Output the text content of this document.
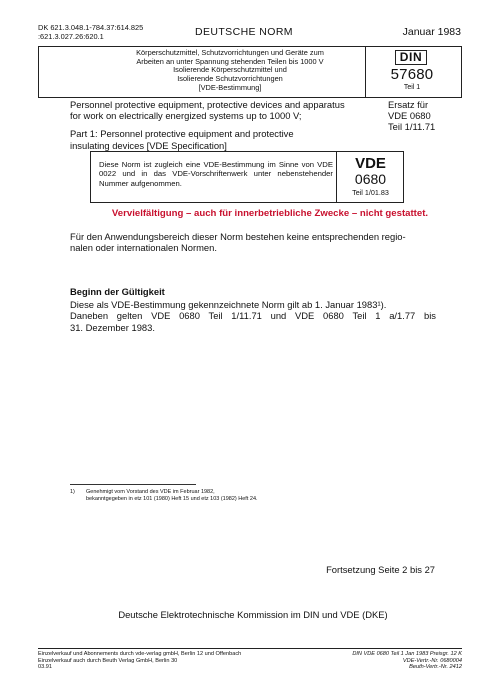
DK 621.3.048.1-784.37:614.825
:621.3.027.26:620.1	DEUTSCHE NORM	Januar 1983
Körperschutzmittel, Schutzvorrichtungen und Geräte zum
Arbeiten an unter Spannung stehenden Teilen bis 1000 V
Isolierende Körperschutzmittel und
Isolierende Schutzvorrichtungen
[VDE-Bestimmung]
DIN
57680
Teil 1
Personnel protective equipment, protective devices and apparatus
for work on electrically energized systems up to 1000 V;
Part 1: Personnel protective equipment and protective
insulating devices [VDE Specification]
Ersatz für
VDE 0680
Teil 1/11.71
Diese Norm ist zugleich eine VDE-Bestimmung im Sinne von VDE 0022 und in das VDE-Vorschriftenwerk unter nebenstehender Nummer aufgenommen.
VDE
0680
Teil 1/01.83
Vervielfältigung – auch für innerbetriebliche Zwecke – nicht gestattet.
Für den Anwendungsbereich dieser Norm bestehen keine entsprechenden regio-
nalen oder internationalen Normen.
Beginn der Gültigkeit
Diese als VDE-Bestimmung gekennzeichnete Norm gilt ab 1. Januar 1983¹).
Daneben gelten VDE 0680 Teil 1/11.71 und VDE 0680 Teil 1 a/1.77 bis
31. Dezember 1983.
1) Genehmigt vom Vorstand des VDE im Februar 1982,
bekanntgegeben in etz 101 (1980) Heft 15 und etz 103 (1982) Heft 24.
Fortsetzung Seite 2 bis 27
Deutsche Elektrotechnische Kommission im DIN und VDE (DKE)
Einzelverkauf und Abonnements durch vde-verlag gmbH, Berlin 12 und Offenbach
Einzelverkauf auch durch Beuth Verlag GmbH, Berlin 30
03.91
DIN VDE 0680 Teil 1 Jan 1983 Preisgr. 12 K
VDE-Vertr.-Nr. 0680004
Beuth-Vertr.-Nr. 2412
